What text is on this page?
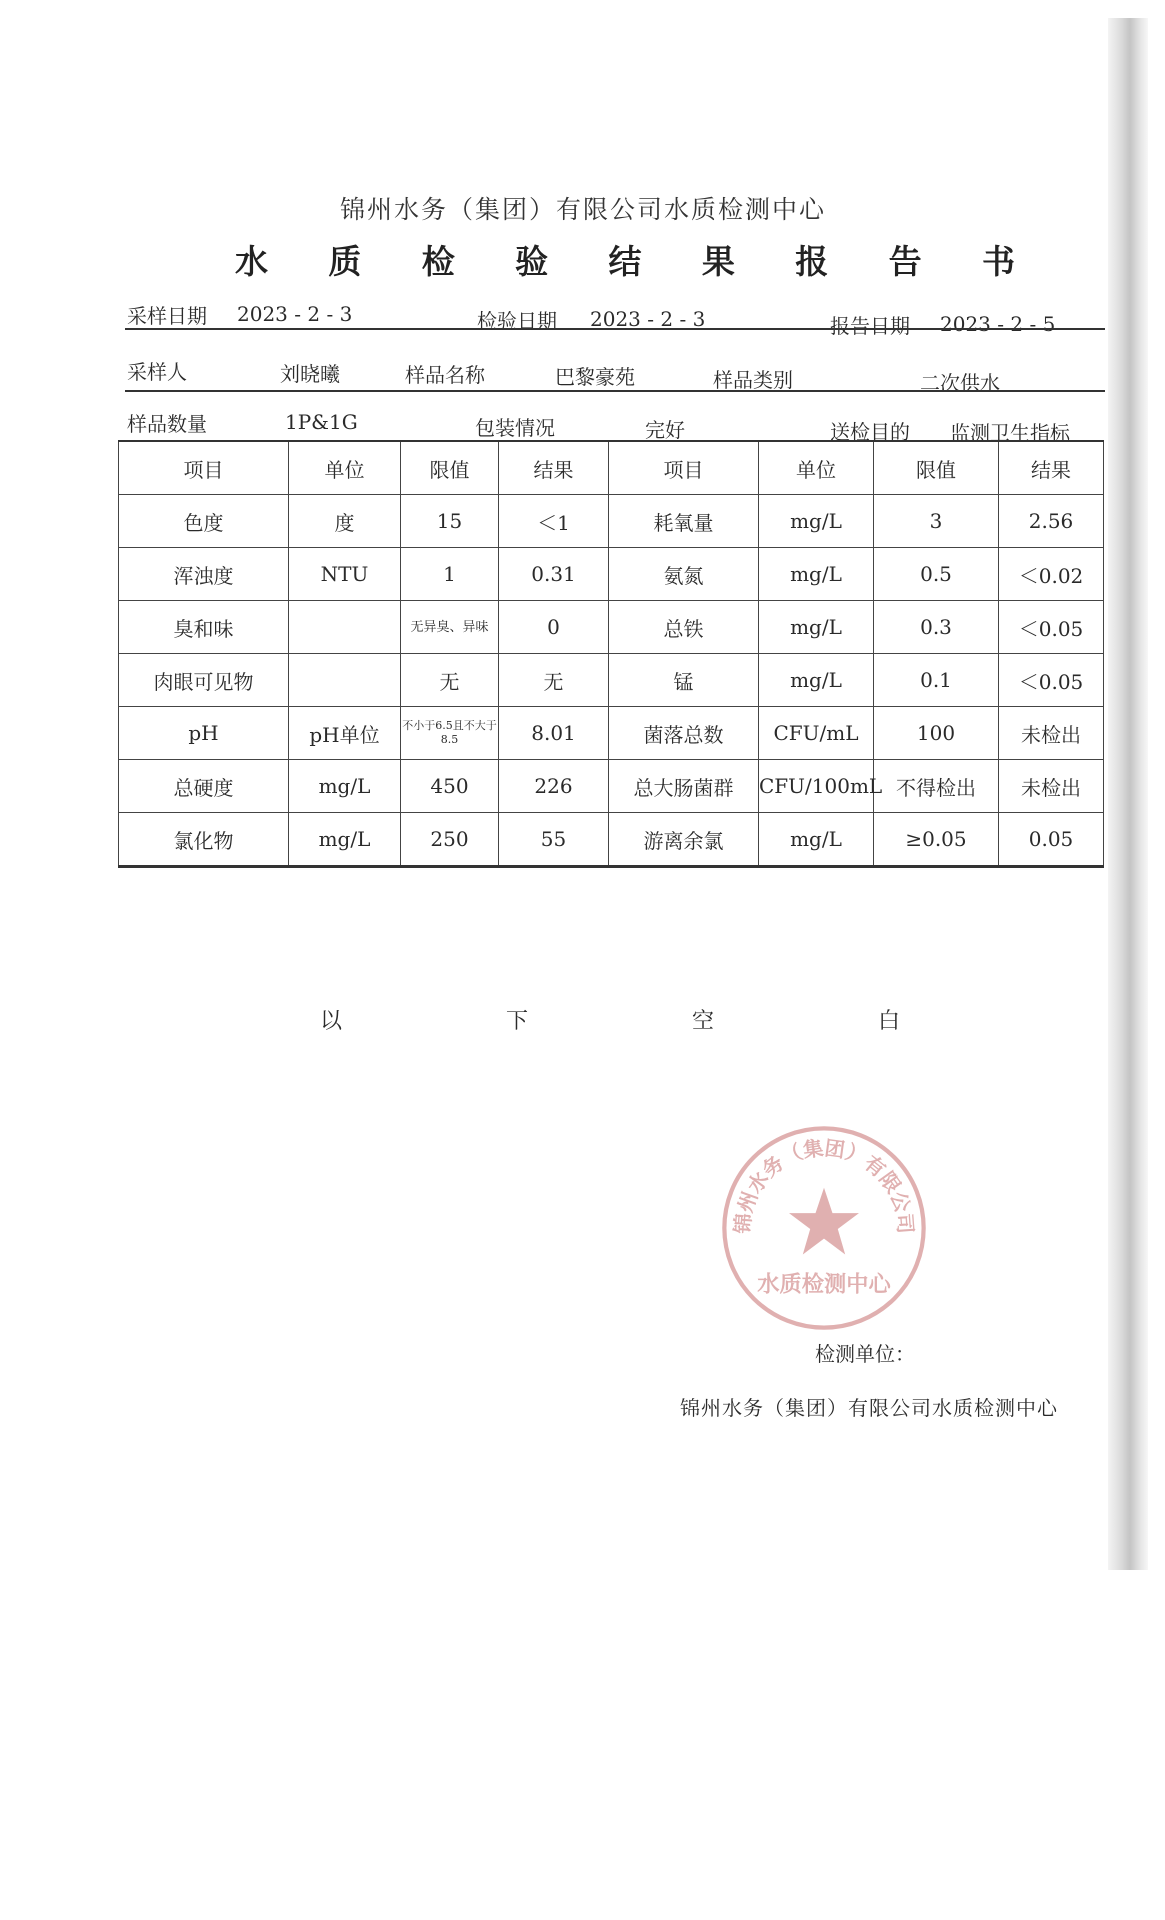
锦州水务（集团）有限公司水质检测中心
水 质 检 验 结 果 报 告 书
采样日期 2023 - 2 - 3	检验日期 2023 - 2 - 3	报告日期 2023 - 2 - 5
采样人	刘晓曦	样品名称	巴黎豪苑	样品类别	二次供水
样品数量	1P&1G	包装情况	完好	送检目的 监测卫生指标
项目	单位	限值	结果	项目	单位	限值	结果
色度	度	15	＜1	耗氧量	mg/L	3	2.56
浑浊度	NTU	1	0.31	氨氮	mg/L	0.5	＜0.02
臭和味		无异臭、异味	0	总铁	mg/L	0.3	＜0.05
肉眼可见物		无	无	锰	mg/L	0.1	＜0.05
pH	pH单位	不小于6.5且不大于8.5	8.01	菌落总数	CFU/mL	100	未检出
总硬度	mg/L	450	226	总大肠菌群	CFU/100mL	不得检出	未检出
氯化物	mg/L	250	55	游离余氯	mg/L	≥0.05	0.05
以	下	空	白
锦州水务（集团）有限公司
水质检测中心
检测单位：
锦州水务（集团）有限公司水质检测中心
